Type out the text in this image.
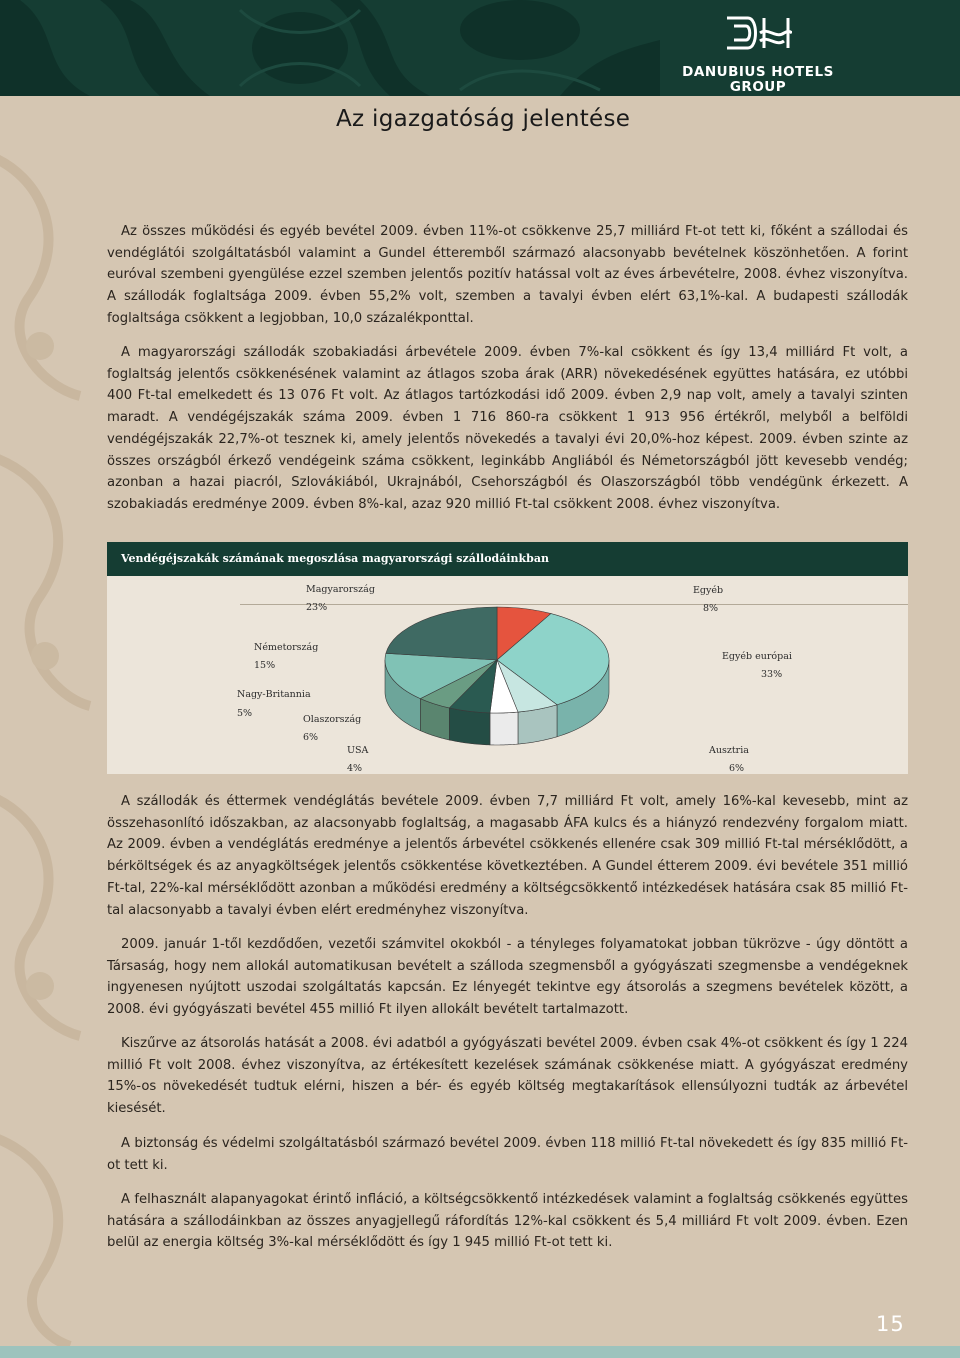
DANUBIUS HOTELS
GROUP
Az igazgatóság jelentése
Az összes működési és egyéb bevétel 2009. évben 11%-ot csökkenve 25,7 milliárd Ft-ot tett ki, főként a szállodai és vendéglátói szolgáltatásból valamint a Gundel étteremből származó alacsonyabb bevételnek köszönhetően. A forint euróval szembeni gyengülése ezzel szemben jelentős pozitív hatással volt az éves árbevételre, 2008. évhez viszonyítva. A szállodák foglaltsága 2009. évben 55,2% volt, szemben a tavalyi évben elért 63,1%-kal. A budapesti szállodák foglaltsága csökkent a legjobban, 10,0 százalékponttal.
A magyarországi szállodák szobakiadási árbevétele 2009. évben 7%-kal csökkent és így 13,4 milliárd Ft volt, a foglaltság jelentős csökkenésének valamint az átlagos szoba árak (ARR) növekedésének együttes hatására, ez utóbbi 400 Ft-tal emelkedett és 13 076 Ft volt. Az átlagos tartózkodási idő 2009. évben 2,9 nap volt, amely a tavalyi szinten maradt. A vendégéjszakák száma 2009. évben 1 716 860-ra csökkent 1 913 956 értékről, melyből a belföldi vendégéjszakák 22,7%-ot tesznek ki, amely jelentős növekedés a tavalyi évi 20,0%-hoz képest. 2009. évben szinte az összes országból érkező vendégeink száma csökkent, leginkább Angliából és Németországból jött kevesebb vendég; azonban a hazai piacról, Szlovákiából, Ukrajnából, Csehországból és Olaszországból több vendégünk érkezett. A szobakiadás eredménye 2009. évben 8%-kal, azaz 920 millió Ft-tal csökkent 2008. évhez viszonyítva.
Vendégéjszakák számának megoszlása magyarországi szállodáinkban
Magyarország
23%
Egyéb
8%
Németország
15%
Egyéb európai
33%
Nagy-Britannia
5%
Olaszország
6%
USA
4%
Ausztria
6%
A szállodák és éttermek vendéglátás bevétele 2009. évben 7,7 milliárd Ft volt, amely 16%-kal kevesebb, mint az összehasonlító időszakban, az alacsonyabb foglaltság, a magasabb ÁFA kulcs és a hiányzó rendezvény forgalom miatt. Az 2009. évben a vendéglátás eredménye a jelentős árbevétel csökkenés ellenére csak 309 millió Ft-tal mérséklődött, a bérköltségek és az anyagköltségek jelentős csökkentése következtében. A Gundel étterem 2009. évi bevétele 351 millió Ft-tal, 22%-kal mérséklődött azonban a működési eredmény a költségcsökkentő intézkedések hatására csak 85 millió Ft-tal alacsonyabb a tavalyi évben elért eredményhez viszonyítva.
2009. január 1-től kezdődően, vezetői számvitel okokból - a tényleges folyamatokat jobban tükrözve - úgy döntött a Társaság, hogy nem allokál automatikusan bevételt a szálloda szegmensből a gyógyászati szegmensbe a vendégeknek ingyenesen nyújtott uszodai szolgáltatás kapcsán. Ez lényegét tekintve egy átsorolás a szegmens bevételek között, a 2008. évi gyógyászati bevétel 455 millió Ft ilyen allokált bevételt tartalmazott.
Kiszűrve az átsorolás hatását a 2008. évi adatból a gyógyászati bevétel 2009. évben csak 4%-ot csökkent és így 1 224 millió Ft volt 2008. évhez viszonyítva, az értékesített kezelések számának csökkenése miatt. A gyógyászat eredmény 15%-os növekedését tudtuk elérni, hiszen a bér- és egyéb költség megtakarítások ellensúlyozni tudták az árbevétel kiesését.
A biztonság és védelmi szolgáltatásból származó bevétel 2009. évben 118 millió Ft-tal növekedett és így 835 millió Ft-ot tett ki.
A felhasznált alapanyagokat érintő infláció, a költségcsökkentő intézkedések valamint a foglaltság csökkenés együttes hatására a szállodáinkban az összes anyagjellegű ráfordítás 12%-kal csökkent és 5,4 milliárd Ft volt 2009. évben. Ezen belül az energia költség 3%-kal mérséklődött és így 1 945 millió Ft-ot tett ki.
15
